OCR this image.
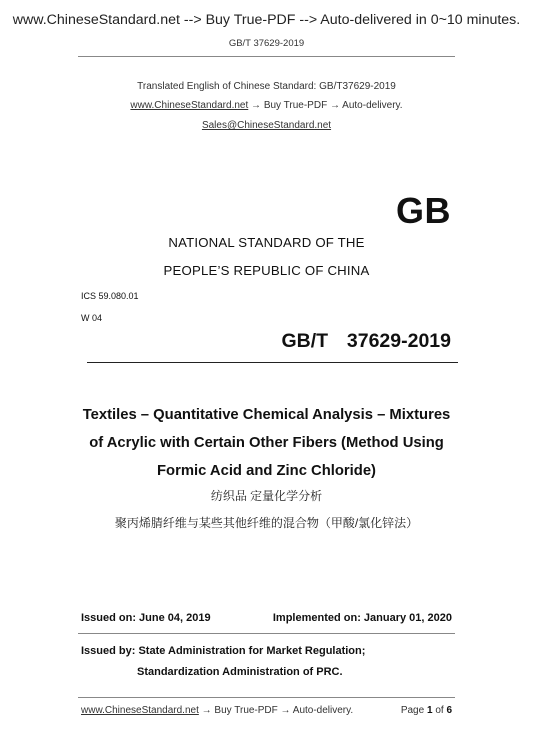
www.ChineseStandard.net --> Buy True-PDF --> Auto-delivered in 0~10 minutes.
GB/T 37629-2019
Translated English of Chinese Standard: GB/T37629-2019
www.ChineseStandard.net → Buy True-PDF → Auto-delivery.
Sales@ChineseStandard.net
GB
NATIONAL STANDARD OF THE
PEOPLE’S REPUBLIC OF CHINA
ICS 59.080.01
W 04
GB/T  37629-2019
Textiles – Quantitative Chemical Analysis – Mixtures
of Acrylic with Certain Other Fibers (Method Using
Formic Acid and Zinc Chloride)
纺织品 定量化学分析
聚丙烯腈纤维与某些其他纤维的混合物（甲酸/氯化锌法）
Issued on: June 04, 2019	Implemented on: January 01, 2020
Issued by: State Administration for Market Regulation;
Standardization Administration of PRC.
www.ChineseStandard.net → Buy True-PDF → Auto-delivery.	Page 1 of 6
